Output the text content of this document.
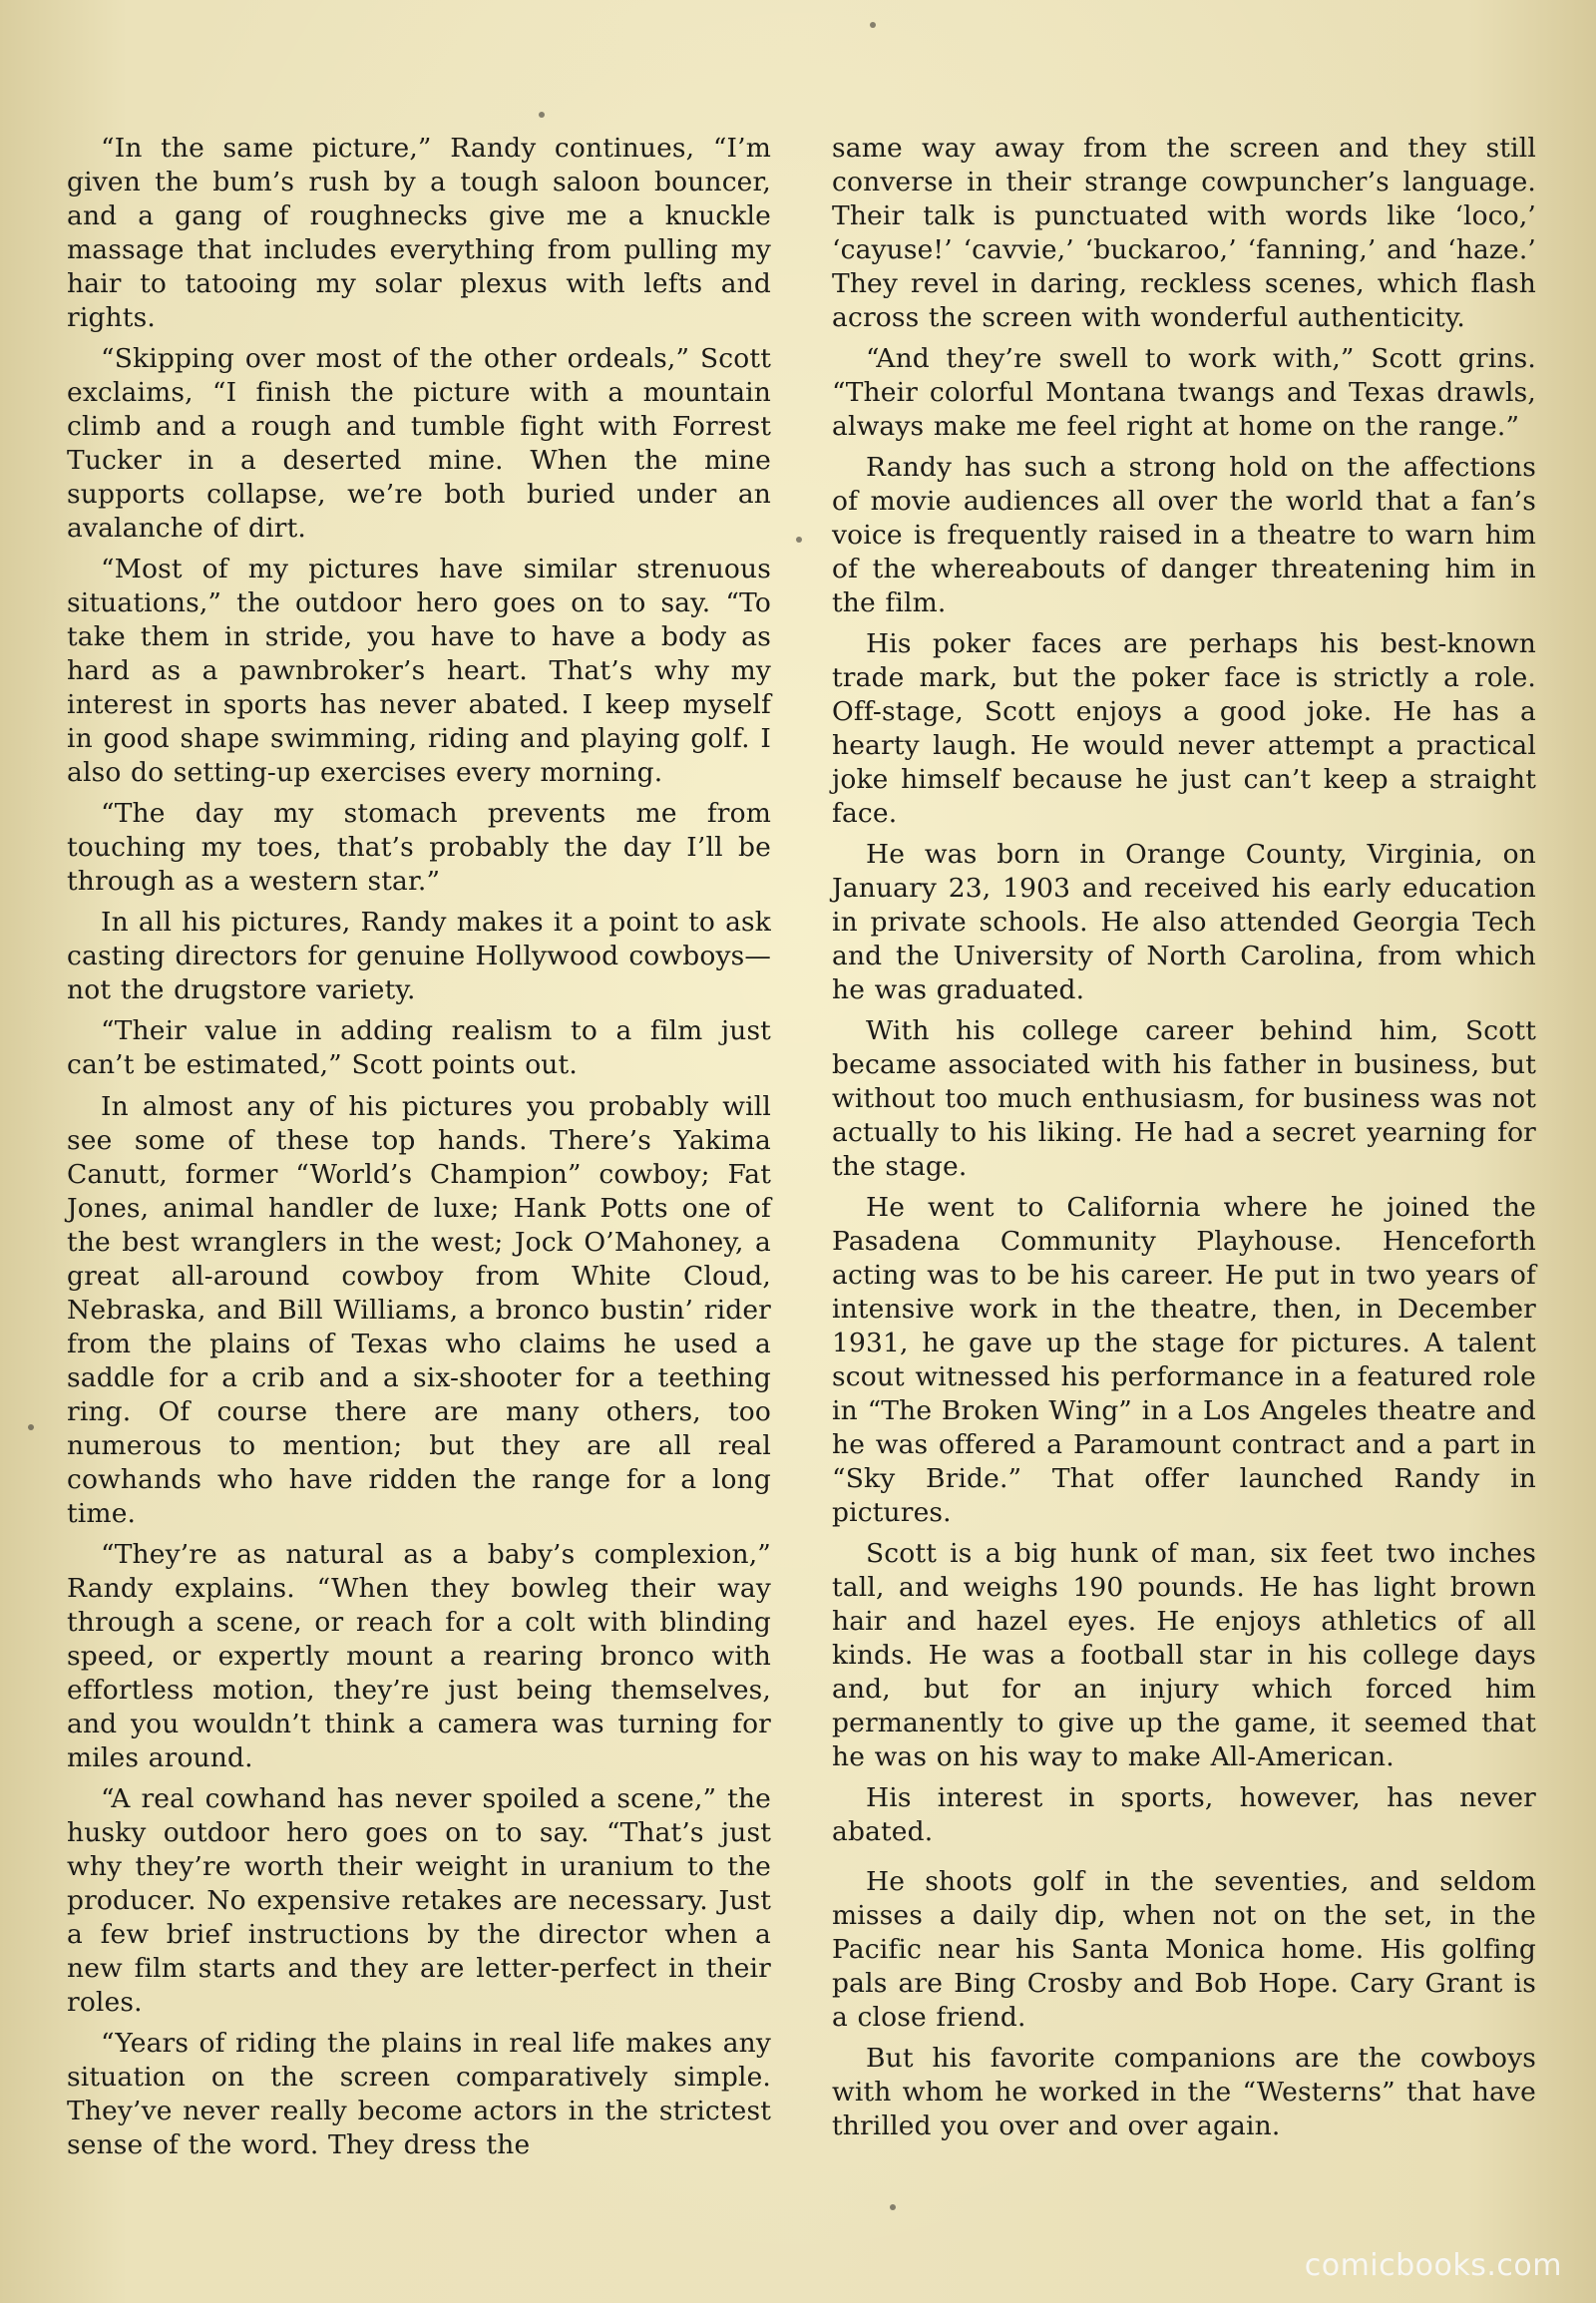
“In the same picture,” Randy continues, “I’m given the bum’s rush by a tough saloon bouncer, and a gang of roughnecks give me a knuckle massage that includes everything from pulling my hair to tatooing my solar plexus with lefts and rights.

“Skipping over most of the other ordeals,” Scott exclaims, “I finish the picture with a mountain climb and a rough and tumble fight with Forrest Tucker in a deserted mine. When the mine supports collapse, we’re both buried under an avalanche of dirt.

“Most of my pictures have similar strenuous situations,” the outdoor hero goes on to say. “To take them in stride, you have to have a body as hard as a pawnbroker’s heart. That’s why my interest in sports has never abated. I keep myself in good shape swimming, riding and playing golf. I also do setting-up exercises every morning.

“The day my stomach prevents me from touching my toes, that’s probably the day I’ll be through as a western star.”

In all his pictures, Randy makes it a point to ask casting directors for genuine Hollywood cowboys—not the drugstore variety.

“Their value in adding realism to a film just can’t be estimated,” Scott points out.

In almost any of his pictures you probably will see some of these top hands. There’s Yakima Canutt, former “World’s Champion” cowboy; Fat Jones, animal handler de luxe; Hank Potts one of the best wranglers in the west; Jock O’Mahoney, a great all-around cowboy from White Cloud, Nebraska, and Bill Williams, a bronco bustin’ rider from the plains of Texas who claims he used a saddle for a crib and a six-shooter for a teething ring. Of course there are many others, too numerous to mention; but they are all real cowhands who have ridden the range for a long time.

“They’re as natural as a baby’s complexion,” Randy explains. “When they bowleg their way through a scene, or reach for a colt with blinding speed, or expertly mount a rearing bronco with effortless motion, they’re just being themselves, and you wouldn’t think a camera was turning for miles around.

“A real cowhand has never spoiled a scene,” the husky outdoor hero goes on to say. “That’s just why they’re worth their weight in uranium to the producer. No expensive retakes are necessary. Just a few brief instructions by the director when a new film starts and they are letter-perfect in their roles.

“Years of riding the plains in real life makes any situation on the screen comparatively simple. They’ve never really become actors in the strictest sense of the word. They dress the

same way away from the screen and they still converse in their strange cowpuncher’s language. Their talk is punctuated with words like ‘loco,’ ‘cayuse!’ ‘cavvie,’ ‘buckaroo,’ ‘fanning,’ and ‘haze.’ They revel in daring, reckless scenes, which flash across the screen with wonderful authenticity.

“And they’re swell to work with,” Scott grins. “Their colorful Montana twangs and Texas drawls, always make me feel right at home on the range.”

Randy has such a strong hold on the affections of movie audiences all over the world that a fan’s voice is frequently raised in a theatre to warn him of the whereabouts of danger threatening him in the film.

His poker faces are perhaps his best-known trade mark, but the poker face is strictly a role. Off-stage, Scott enjoys a good joke. He has a hearty laugh. He would never attempt a practical joke himself because he just can’t keep a straight face.

He was born in Orange County, Virginia, on January 23, 1903 and received his early education in private schools. He also attended Georgia Tech and the University of North Carolina, from which he was graduated.

With his college career behind him, Scott became associated with his father in business, but without too much enthusiasm, for business was not actually to his liking. He had a secret yearning for the stage.

He went to California where he joined the Pasadena Community Playhouse. Henceforth acting was to be his career. He put in two years of intensive work in the theatre, then, in December 1931, he gave up the stage for pictures. A talent scout witnessed his performance in a featured role in “The Broken Wing” in a Los Angeles theatre and he was offered a Paramount contract and a part in “Sky Bride.” That offer launched Randy in pictures.

Scott is a big hunk of man, six feet two inches tall, and weighs 190 pounds. He has light brown hair and hazel eyes. He enjoys athletics of all kinds. He was a football star in his college days and, but for an injury which forced him permanently to give up the game, it seemed that he was on his way to make All-American.

His interest in sports, however, has never abated.

He shoots golf in the seventies, and seldom misses a daily dip, when not on the set, in the Pacific near his Santa Monica home. His golfing pals are Bing Crosby and Bob Hope. Cary Grant is a close friend.

But his favorite companions are the cowboys with whom he worked in the “Westerns” that have thrilled you over and over again.

comicbooks.com
